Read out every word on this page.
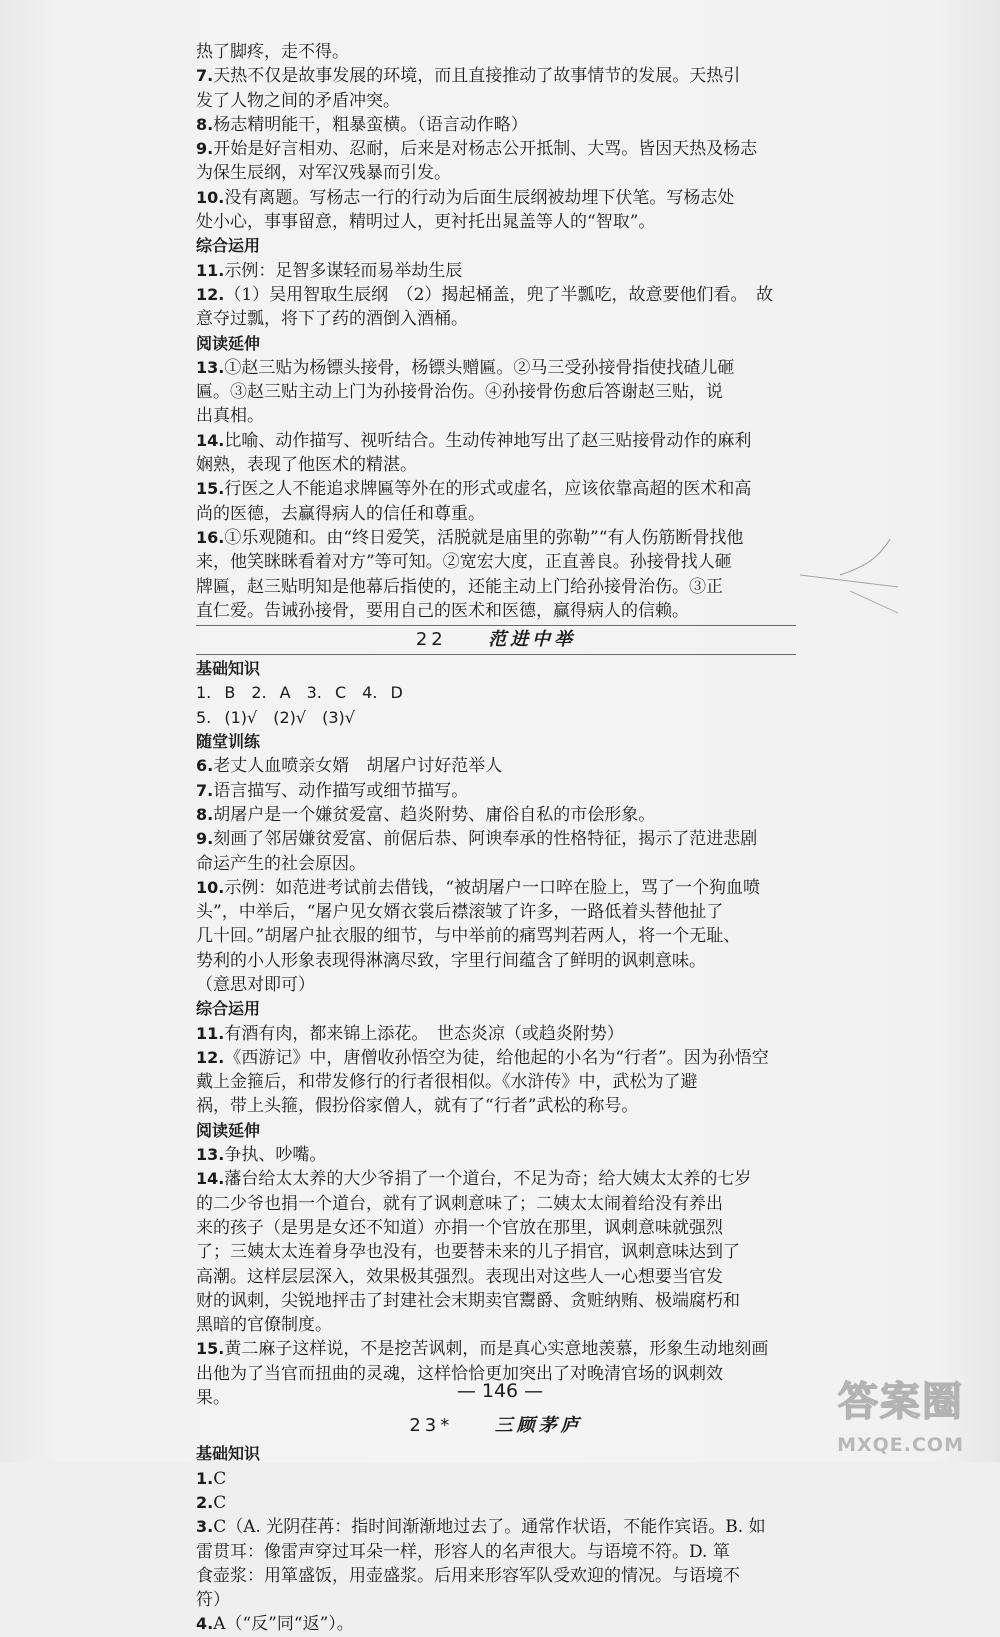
热了脚疼，走不得。
7.天热不仅是故事发展的环境，而且直接推动了故事情节的发展。天热引
发了人物之间的矛盾冲突。
8.杨志精明能干，粗暴蛮横。（语言动作略）
9.开始是好言相劝、忍耐，后来是对杨志公开抵制、大骂。皆因天热及杨志
为保生辰纲，对军汉残暴而引发。
10.没有离题。写杨志一行的行动为后面生辰纲被劫埋下伏笔。写杨志处
处小心，事事留意，精明过人，更衬托出晁盖等人的“智取”。
综合运用
11.示例：足智多谋轻而易举劫生辰
12.（1）吴用智取生辰纲　（2）揭起桶盖，兜了半瓢吃，故意要他们看。　故
意夺过瓢，将下了药的酒倒入酒桶。
阅读延伸
13.①赵三贴为杨镖头接骨，杨镖头赠匾。②马三受孙接骨指使找碴儿砸
匾。③赵三贴主动上门为孙接骨治伤。④孙接骨伤愈后答谢赵三贴，说
出真相。
14.比喻、动作描写、视听结合。生动传神地写出了赵三贴接骨动作的麻利
娴熟，表现了他医术的精湛。
15.行医之人不能追求牌匾等外在的形式或虚名，应该依靠高超的医术和高
尚的医德，去赢得病人的信任和尊重。
16.①乐观随和。由“终日爱笑，活脱就是庙里的弥勒”“有人伤筋断骨找他
来，他笑眯眯看着对方”等可知。②宽宏大度，正直善良。孙接骨找人砸
牌匾，赵三贴明知是他幕后指使的，还能主动上门给孙接骨治伤。③正
直仁爱。告诫孙接骨，要用自己的医术和医德，赢得病人的信赖。
22 范进中举
基础知识
1. B　2. A　3. C　4. D
5. (1)√　(2)√　(3)√
随堂训练
6.老丈人血喷亲女婿　胡屠户讨好范举人
7.语言描写、动作描写或细节描写。
8.胡屠户是一个嫌贫爱富、趋炎附势、庸俗自私的市侩形象。
9.刻画了邻居嫌贫爱富、前倨后恭、阿谀奉承的性格特征，揭示了范进悲剧
命运产生的社会原因。
10.示例：如范进考试前去借钱，“被胡屠户一口啐在脸上，骂了一个狗血喷
头”，中举后，“屠户见女婿衣裳后襟滚皱了许多，一路低着头替他扯了
几十回。”胡屠户扯衣服的细节，与中举前的痛骂判若两人，将一个无耻、
势利的小人形象表现得淋漓尽致，字里行间蕴含了鲜明的讽刺意味。
（意思对即可）
综合运用
11.有酒有肉，都来锦上添花。　世态炎凉（或趋炎附势）
12.《西游记》中，唐僧收孙悟空为徒，给他起的小名为“行者”。因为孙悟空
戴上金箍后，和带发修行的行者很相似。《水浒传》中，武松为了避
祸，带上头箍，假扮俗家僧人，就有了“行者”武松的称号。
阅读延伸
13.争执、吵嘴。
14.藩台给太太养的大少爷捐了一个道台，不足为奇；给大姨太太养的七岁
的二少爷也捐一个道台，就有了讽刺意味了；二姨太太闹着给没有养出
来的孩子（是男是女还不知道）亦捐一个官放在那里，讽刺意味就强烈
了；三姨太太连着身孕也没有，也要替未来的儿子捐官，讽刺意味达到了
高潮。这样层层深入，效果极其强烈。表现出对这些人一心想要当官发
财的讽刺，尖锐地抨击了封建社会末期卖官鬻爵、贪赃纳贿、极端腐朽和
黑暗的官僚制度。
15.黄二麻子这样说，不是挖苦讽刺，而是真心实意地羡慕，形象生动地刻画
出他为了当官而扭曲的灵魂，这样恰恰更加突出了对晚清官场的讽刺效
果。
23* 三顾茅庐
基础知识
1.C
2.C
3.C（A. 光阴荏苒：指时间渐渐地过去了。通常作状语，不能作宾语。B. 如
雷贯耳：像雷声穿过耳朵一样，形容人的名声很大。与语境不符。D. 箪
食壶浆：用箪盛饭，用壶盛浆。后用来形容军队受欢迎的情况。与语境不
符）
4.A（“反”同“返”）。
— 146 —	答案圈
MXQE.COM
